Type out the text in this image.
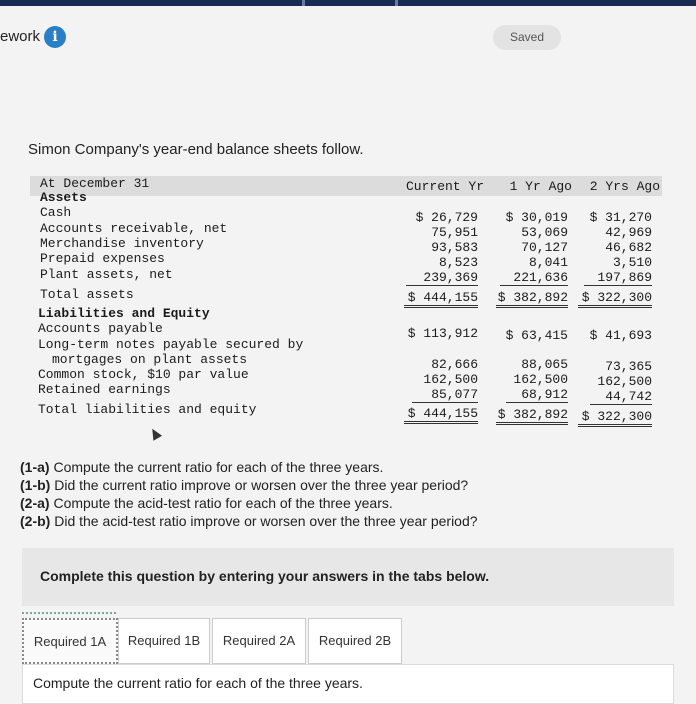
ework i	Saved
Simon Company's year-end balance sheets follow.
At December 31	Current Yr	1 Yr Ago	2 Yrs Ago
Assets
Cash	$ 26,729	$ 30,019	$ 31,270
Accounts receivable, net	75,951	53,069	42,969
Merchandise inventory	93,583	70,127	46,682
Prepaid expenses	8,523	8,041	3,510
Plant assets, net	239,369	221,636	197,869
Total assets	$ 444,155 $ 382,892 $ 322,300
Liabilities and Equity
Accounts payable	$ 113,912	$ 63,415	$ 41,693
Long-term notes payable secured by
mortgages on plant assets	82,666	88,065	73,365
Common stock, $10 par value	162,500	162,500	162,500
Retained earnings	85,077	68,912	44,742
Total liabilities and equity	$ 444,155 $ 382,892 $ 322,300
(1-a) Compute the current ratio for each of the three years.
(1-b) Did the current ratio improve or worsen over the three year period?
(2-a) Compute the acid-test ratio for each of the three years.
(2-b) Did the acid-test ratio improve or worsen over the three year period?
Complete this question by entering your answers in the tabs below.
Required 1A	Required 1B	Required 2A	Required 2B
Compute the current ratio for each of the three years.
